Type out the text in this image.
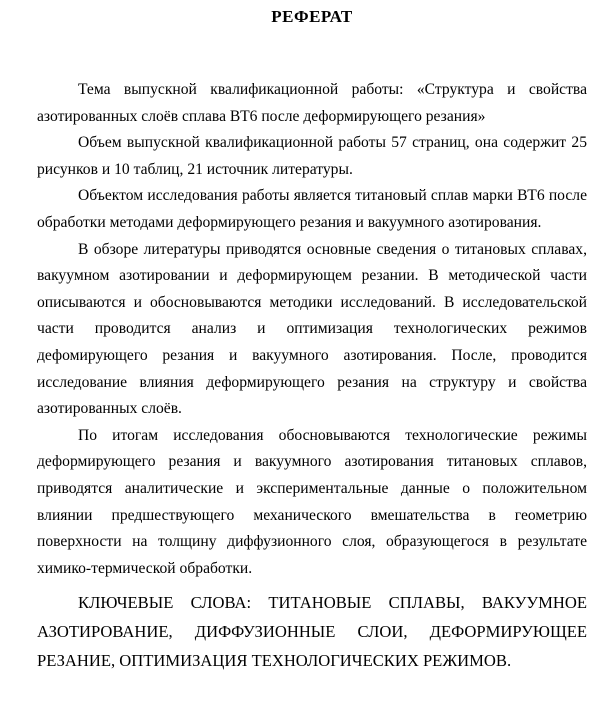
РЕФЕРАТ

Тема выпускной квалификационной работы: «Структура и свойства азотированных слоёв сплава ВТ6 после деформирующего резания»

Объем выпускной квалификационной работы 57 страниц, она содержит 25 рисунков и 10 таблиц, 21 источник литературы.

Объектом исследования работы является титановый сплав марки ВТ6 после обработки методами деформирующего резания и вакуумного азотирования.

В обзоре литературы приводятся основные сведения о титановых сплавах, вакуумном азотировании и деформирующем резании. В методической части описываются и обосновываются методики исследований. В исследовательской части проводится анализ и оптимизация технологических режимов дефомирующего резания и вакуумного азотирования. После, проводится исследование влияния деформирующего резания на структуру и свойства азотированных слоёв.

По итогам исследования обосновываются технологические режимы деформирующего резания и вакуумного азотирования титановых сплавов, приводятся аналитические и экспериментальные данные о положительном влиянии предшествующего механического вмешательства в геометрию поверхности на толщину диффузионного слоя, образующегося в результате химико-термической обработки.

КЛЮЧЕВЫЕ СЛОВА: ТИТАНОВЫЕ СПЛАВЫ, ВАКУУМНОЕ АЗОТИРОВАНИЕ, ДИФФУЗИОННЫЕ СЛОИ, ДЕФОРМИРУЮЩЕЕ РЕЗАНИЕ, ОПТИМИЗАЦИЯ ТЕХНОЛОГИЧЕСКИХ РЕЖИМОВ.
